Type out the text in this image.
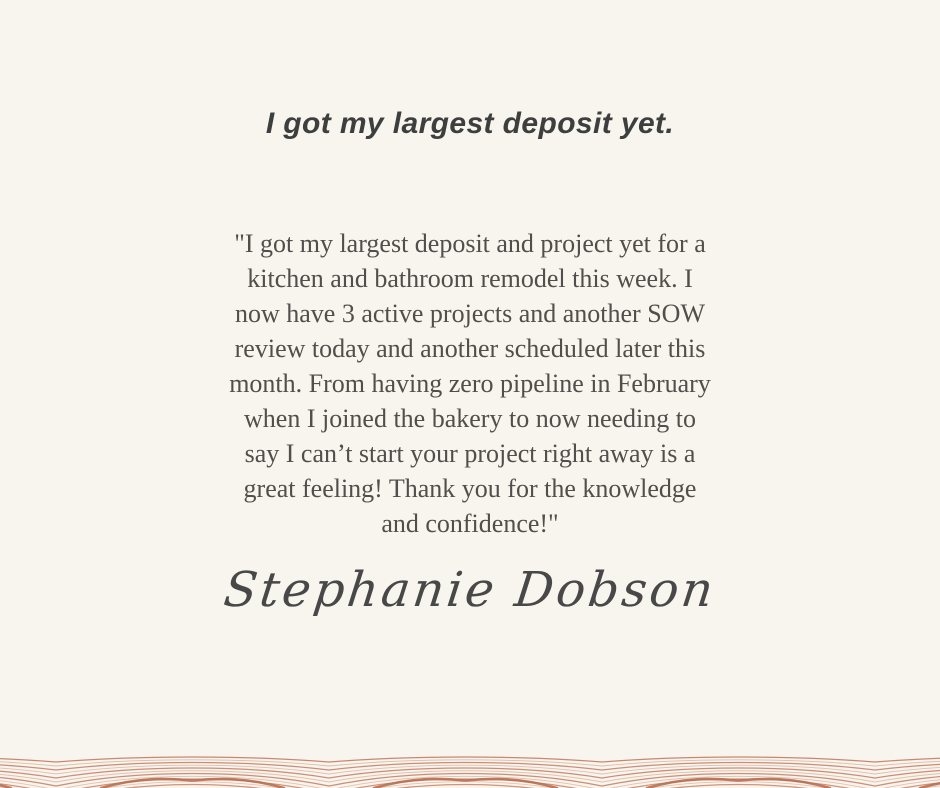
I got my largest deposit yet.
"I got my largest deposit and project yet for a
kitchen and bathroom remodel this week. I
now have 3 active projects and another SOW
review today and another scheduled later this
month. From having zero pipeline in February
when I joined the bakery to now needing to
say I can’t start your project right away is a
great feeling! Thank you for the knowledge
and confidence!"
Stephanie Dobson
